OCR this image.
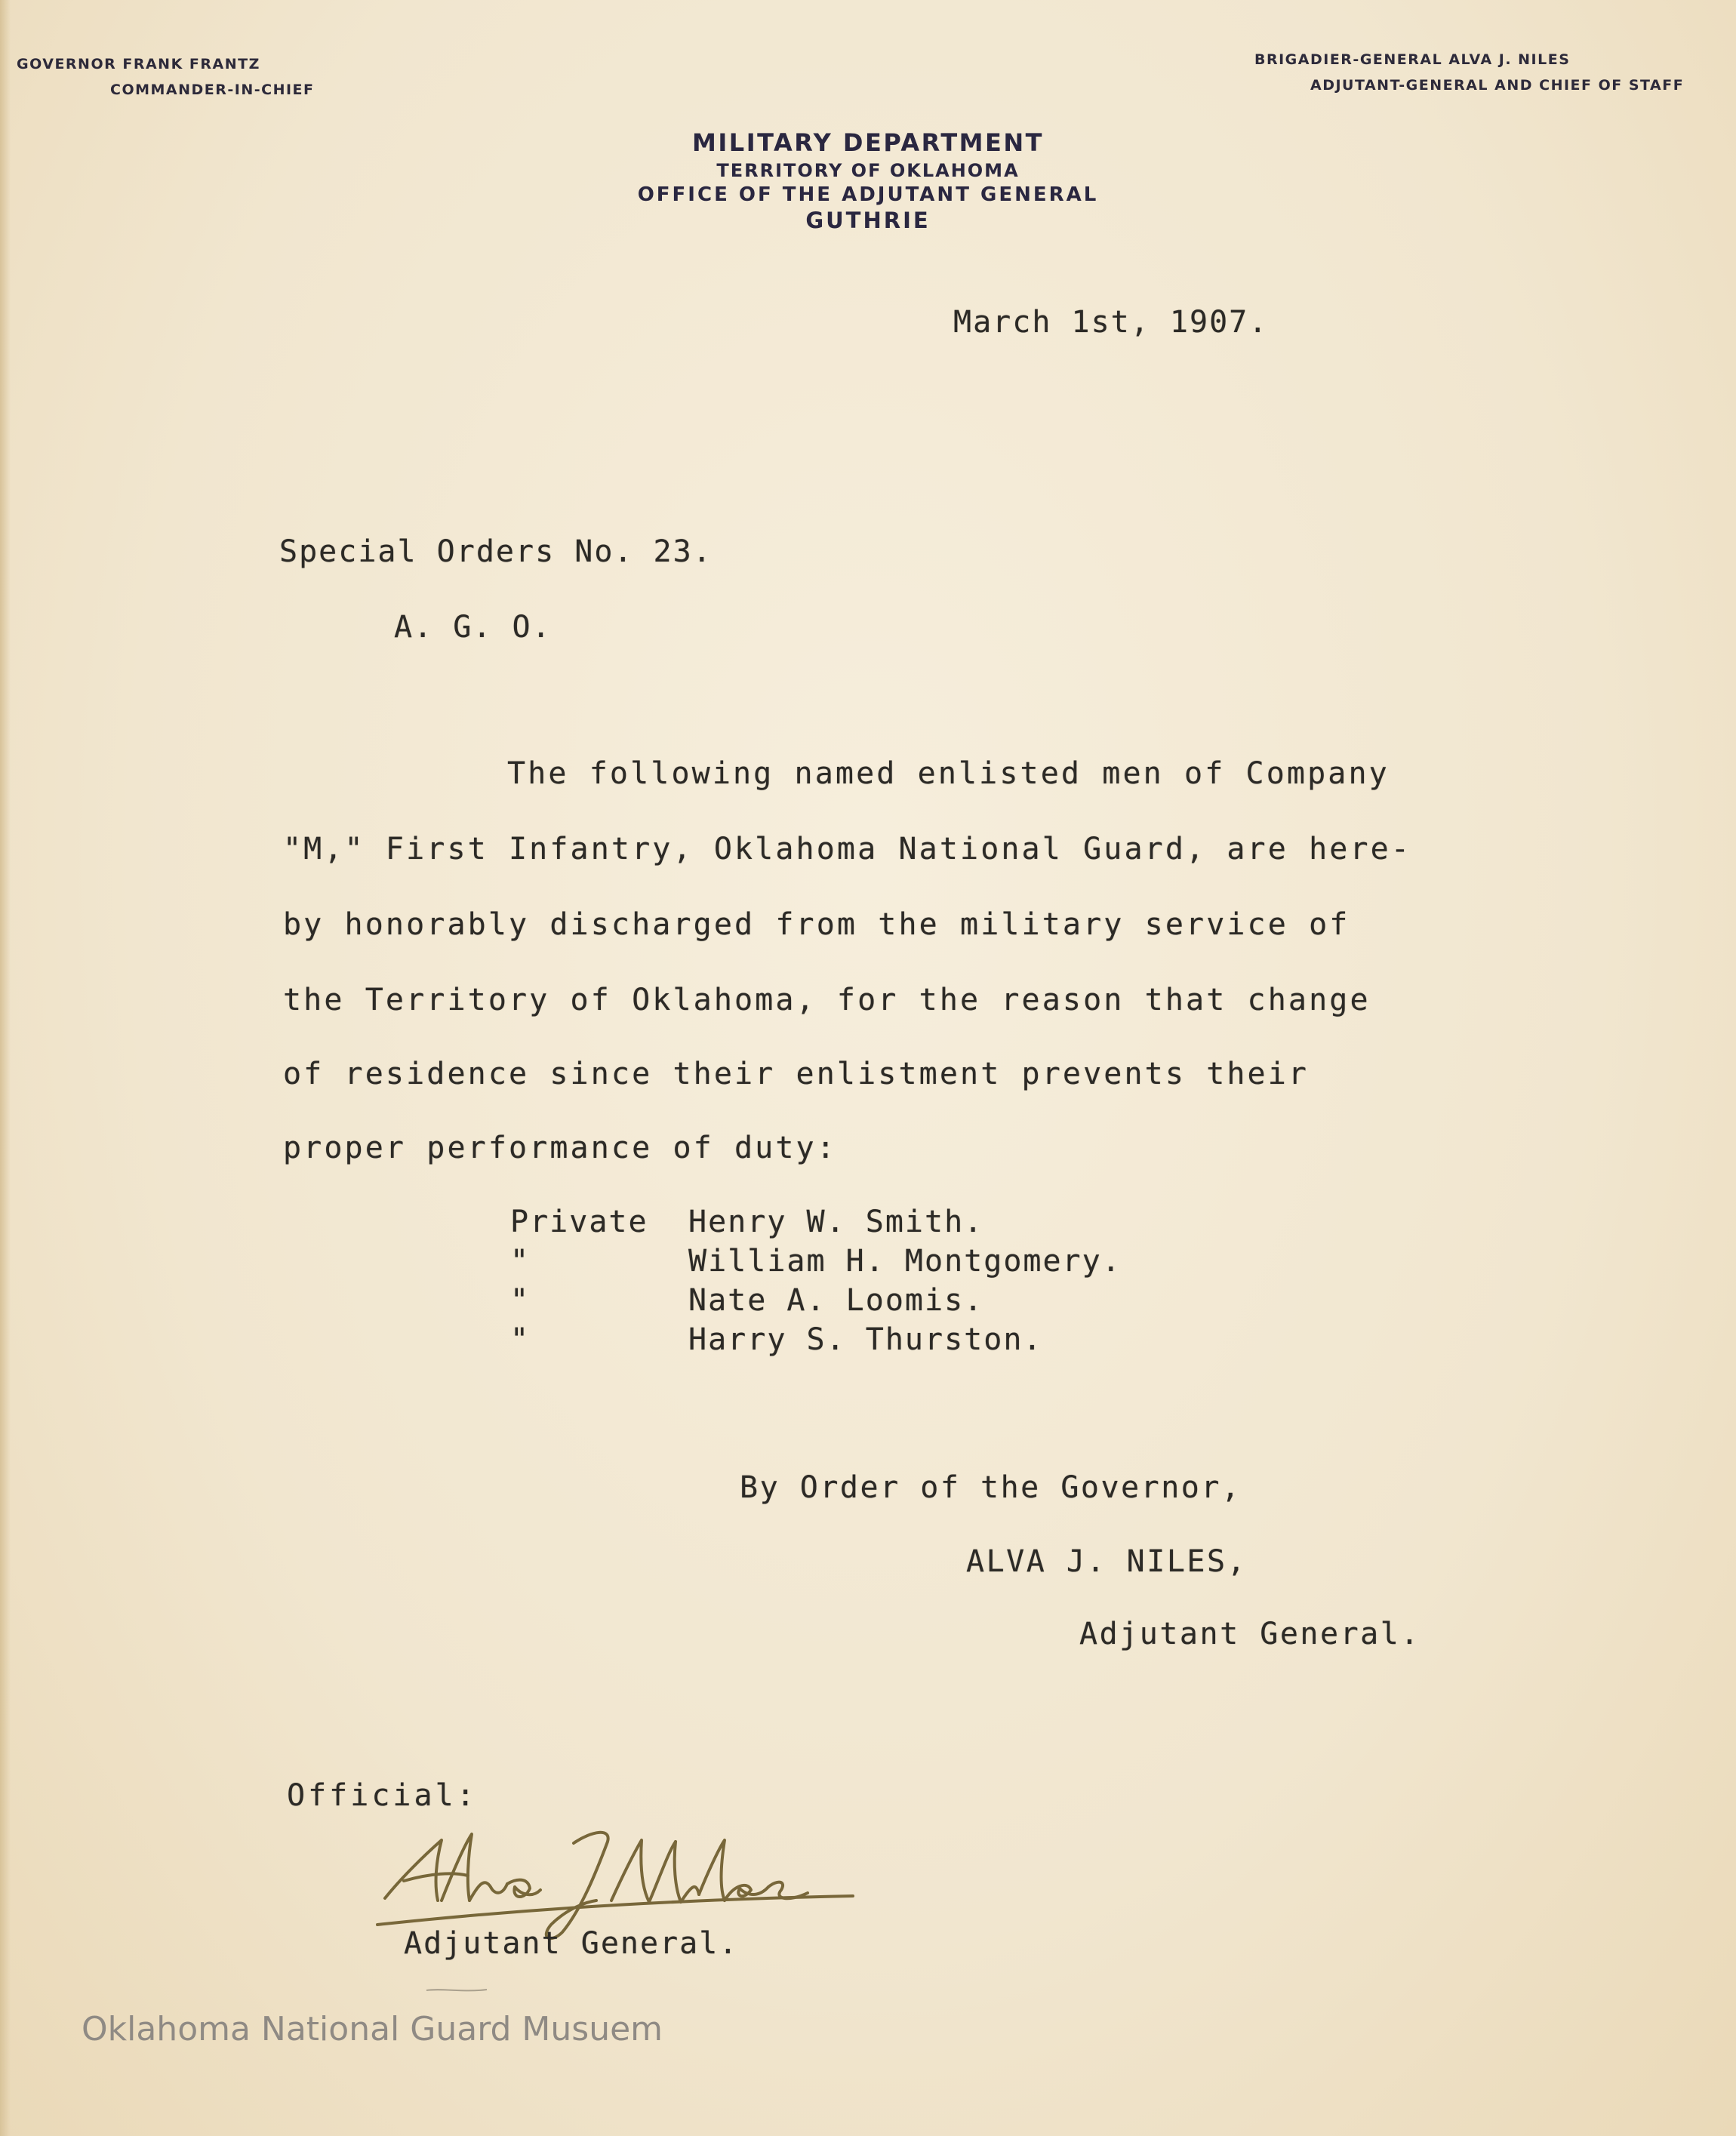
GOVERNOR FRANK FRANTZ
COMMANDER-IN-CHIEF
BRIGADIER-GENERAL ALVA J. NILES
ADJUTANT-GENERAL AND CHIEF OF STAFF
MILITARY DEPARTMENT
TERRITORY OF OKLAHOMA
OFFICE OF THE ADJUTANT GENERAL
GUTHRIE
March 1st, 1907.
Special Orders No. 23.
A. G. O.
The following named enlisted men of Company
"M," First Infantry, Oklahoma National Guard, are here-
by honorably discharged from the military service of
the Territory of Oklahoma, for the reason that change
of residence since their enlistment prevents their
proper performance of duty:
Private Henry W. Smith.
"	William H. Montgomery.
"	Nate A. Loomis.
"	Harry S. Thurston.
By Order of the Governor,
ALVA J. NILES,
Adjutant General.
Official:
Adjutant General.
Oklahoma National Guard Musuem
